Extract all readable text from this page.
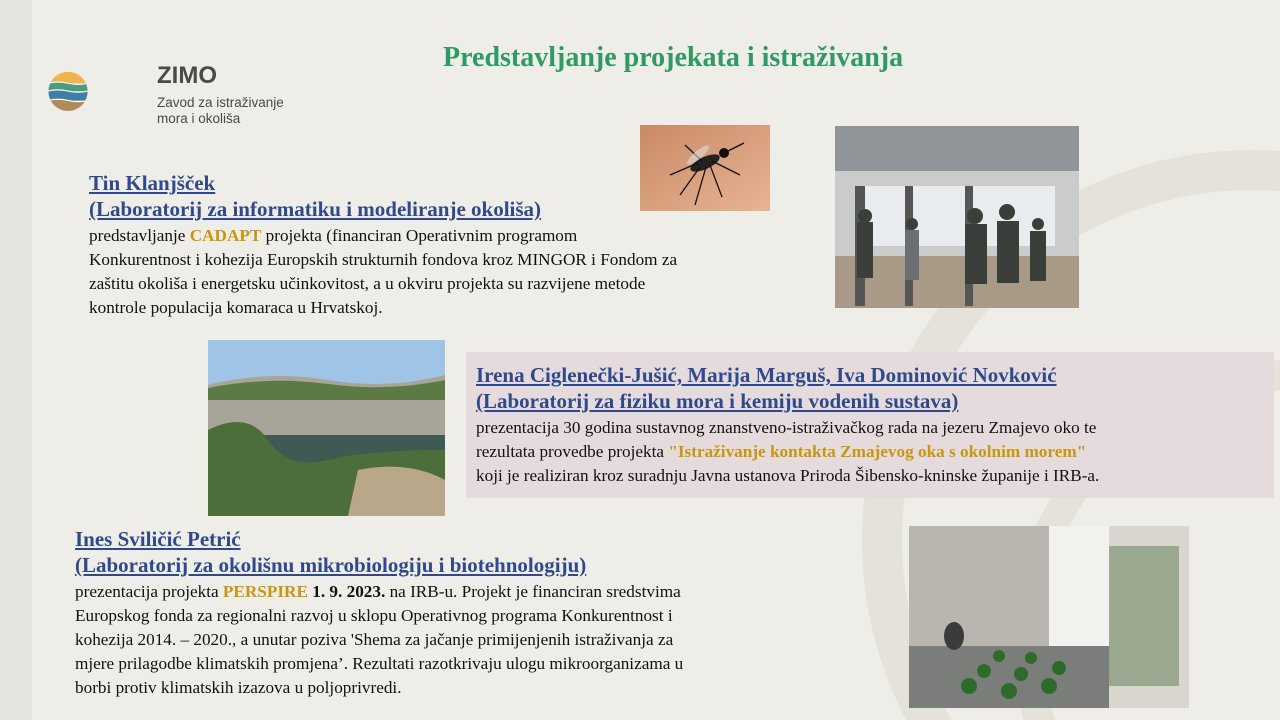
ZIMO
Zavod za istraživanje
mora i okoliša
Predstavljanje projekata i istraživanja
Tin Klanjšček
(Laboratorij za informatiku i modeliranje okoliša)
predstavljanje CADAPT projekta (financiran Operativnim programom
Konkurentnost i kohezija Europskih strukturnih fondova kroz MINGOR i Fondom za
zaštitu okoliša i energetsku učinkovitost, a u okviru projekta su razvijene metode
kontrole populacija komaraca u Hrvatskoj.
Irena Ciglenečki-Jušić, Marija Marguš, Iva Dominović Novković
(Laboratorij za fiziku mora i kemiju vodenih sustava)
prezentacija 30 godina sustavnog znanstveno-istraživačkog rada na jezeru Zmajevo oko te
rezultata provedbe projekta "Istraživanje kontakta Zmajevog oka s okolnim morem"
koji je realiziran kroz suradnju Javna ustanova Priroda Šibensko-kninske županije i IRB-a.
Ines Sviličić Petrić
(Laboratorij za okolišnu mikrobiologiju i biotehnologiju)
prezentacija projekta PERSPIRE 1. 9. 2023. na IRB-u. Projekt je financiran sredstvima
Europskog fonda za regionalni razvoj u sklopu Operativnog programa Konkurentnost i
kohezija 2014. – 2020., a unutar poziva 'Shema za jačanje primijenjenih istraživanja za
mjere prilagodbe klimatskih promjena’. Rezultati razotkrivaju ulogu mikroorganizama u
borbi protiv klimatskih izazova u poljoprivredi.
